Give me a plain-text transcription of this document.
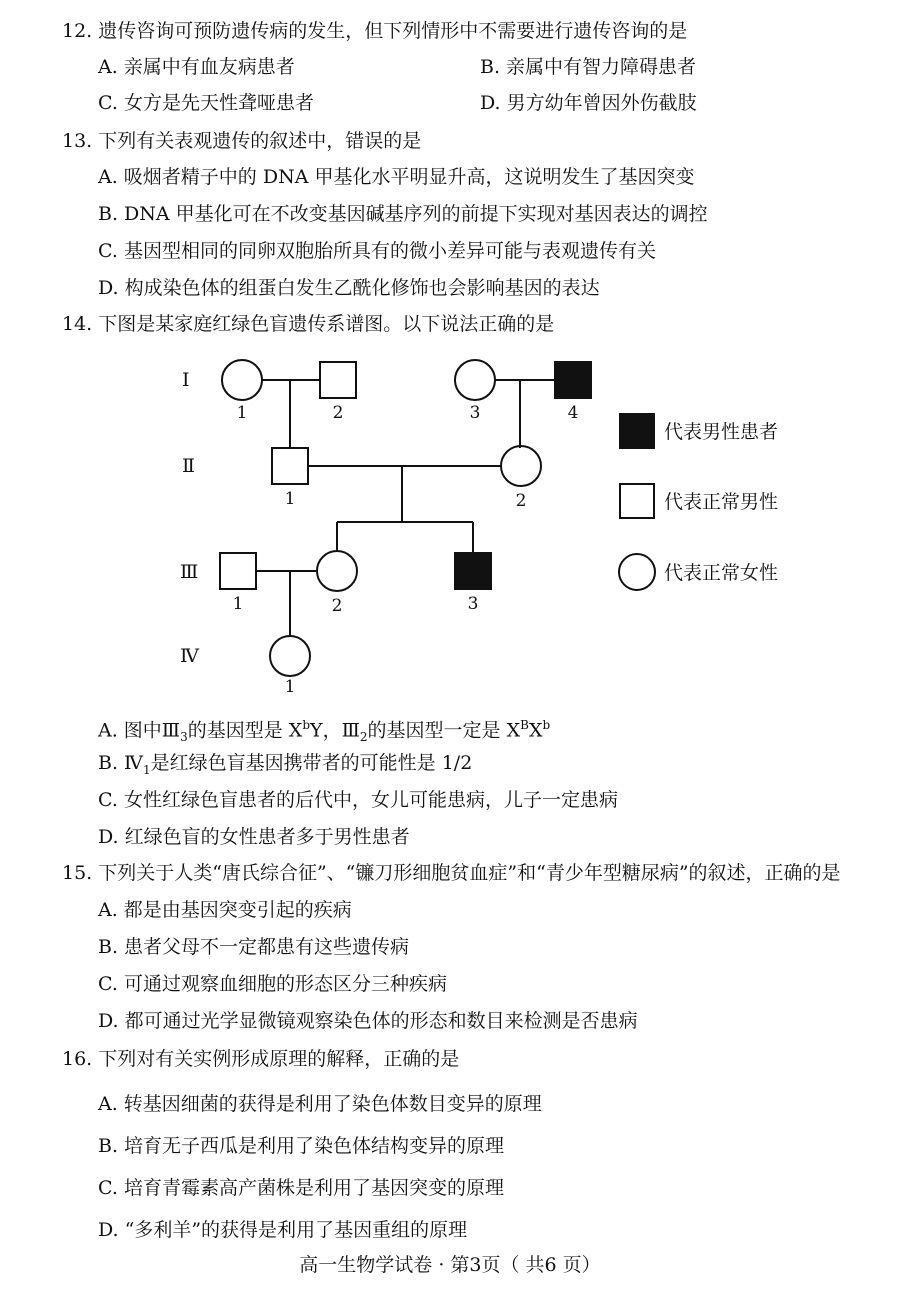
12. 遗传咨询可预防遗传病的发生，但下列情形中不需要进行遗传咨询的是
A. 亲属中有血友病患者	B. 亲属中有智力障碍患者
C. 女方是先天性聋哑患者	D. 男方幼年曾因外伤截肢
13. 下列有关表观遗传的叙述中，错误的是
A. 吸烟者精子中的 DNA 甲基化水平明显升高，这说明发生了基因突变
B. DNA 甲基化可在不改变基因碱基序列的前提下实现对基因表达的调控
C. 基因型相同的同卵双胞胎所具有的微小差异可能与表观遗传有关
D. 构成染色体的组蛋白发生乙酰化修饰也会影响基因的表达
14. 下图是某家庭红绿色盲遗传系谱图。以下说法正确的是
Ⅰ
Ⅱ
Ⅲ
Ⅳ
1	2	3	4
1	2
1	2	3
1
代表男性患者
代表正常男性
代表正常女性
A. 图中$Ⅲ_3$的基因型是 $X^bY$，$Ⅲ_2$的基因型一定是 $X^BX^b$
B. $Ⅳ_1$是红绿色盲基因携带者的可能性是 1/2
C. 女性红绿色盲患者的后代中，女儿可能患病，儿子一定患病
D. 红绿色盲的女性患者多于男性患者
15. 下列关于人类“唐氏综合征”、“镰刀形细胞贫血症”和“青少年型糖尿病”的叙述，正确的是
A. 都是由基因突变引起的疾病
B. 患者父母不一定都患有这些遗传病
C. 可通过观察血细胞的形态区分三种疾病
D. 都可通过光学显微镜观察染色体的形态和数目来检测是否患病
16. 下列对有关实例形成原理的解释，正确的是
A. 转基因细菌的获得是利用了染色体数目变异的原理
B. 培育无子西瓜是利用了染色体结构变异的原理
C. 培育青霉素高产菌株是利用了基因突变的原理
D. “多利羊”的获得是利用了基因重组的原理
高一生物学试卷 · 第3页（ 共6 页）
